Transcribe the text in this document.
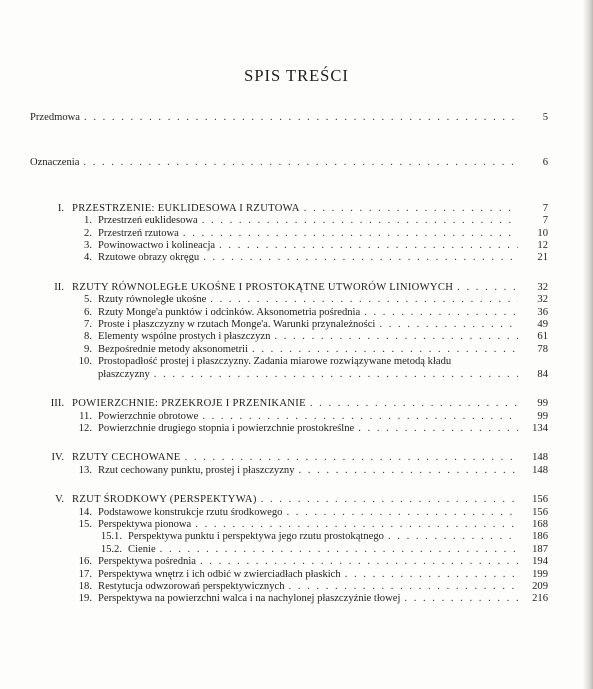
SPIS TREŚCI
Przedmowa . . .	5
Oznaczenia . . .	6
I. PRZESTRZENIE: EUKLIDESOWA I RZUTOWA . . .	7
1. Przestrzeń euklidesowa . . .	7
2. Przestrzeń rzutowa . . .	10
3. Powinowactwo i kolineacja . . .	12
4. Rzutowe obrazy okręgu . . .	21
II. RZUTY RÓWNOLEGŁE UKOŚNE I PROSTOKĄTNE UTWORÓW LINIOWYCH . . .	32
5. Rzuty równoległe ukośne . . .	32
6. Rzuty Monge'a punktów i odcinków. Aksonometria pośrednia . . .	36
7. Proste i płaszczyzny w rzutach Monge'a. Warunki przynależności . . .	49
8. Elementy wspólne prostych i płaszczyzn . . .	61
9. Bezpośrednie metody aksonometrii . . .	78
10. Prostopadłość prostej i płaszczyzny. Zadania miarowe rozwiązywane metodą kładu
płaszczyzny . . .	84
III. POWIERZCHNIE: PRZEKROJE I PRZENIKANIE . . .	99
11. Powierzchnie obrotowe . . .	99
12. Powierzchnie drugiego stopnia i powierzchnie prostokreślne . . .	134
IV. RZUTY CECHOWANE . . .	148
13. Rzut cechowany punktu, prostej i płaszczyzny . . .	148
V. RZUT ŚRODKOWY (PERSPEKTYWA) . . .	156
14. Podstawowe konstrukcje rzutu środkowego . . .	156
15. Perspektywa pionowa . . .	168
15.1. Perspektywa punktu i perspektywa jego rzutu prostokątnego . . .	186
15.2. Cienie . . .	187
16. Perspektywa pośrednia . . .	194
17. Perspektywa wnętrz i ich odbić w zwierciadłach płaskich . . .	199
18. Restytucja odwzorowań perspektywicznych . . .	209
19. Perspektywa na powierzchni walca i na nachylonej płaszczyźnie tłowej . . .	216
